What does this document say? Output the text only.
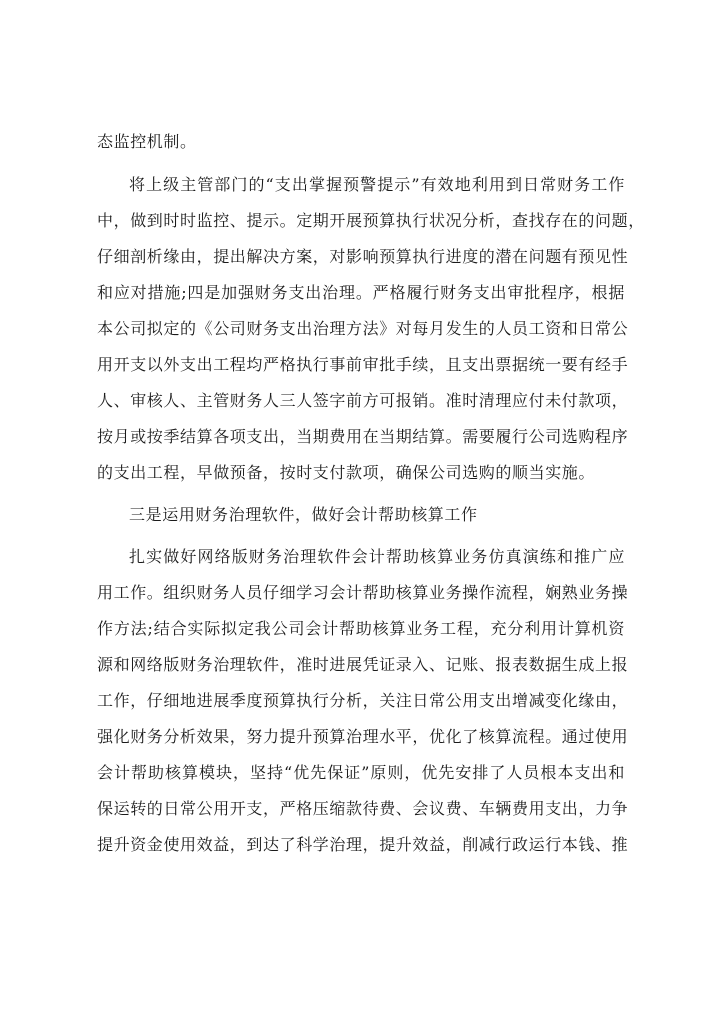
态监控机制。
将上级主管部门的“支出掌握预警提示”有效地利用到日常财务工作
中，做到时时监控、提示。定期开展预算执行状况分析，查找存在的问题，
仔细剖析缘由，提出解决方案，对影响预算执行进度的潜在问题有预见性
和应对措施;四是加强财务支出治理。严格履行财务支出审批程序，根据
本公司拟定的《公司财务支出治理方法》对每月发生的人员工资和日常公
用开支以外支出工程均严格执行事前审批手续，且支出票据统一要有经手
人、审核人、主管财务人三人签字前方可报销。准时清理应付未付款项，
按月或按季结算各项支出，当期费用在当期结算。需要履行公司选购程序
的支出工程，早做预备，按时支付款项，确保公司选购的顺当实施。
三是运用财务治理软件，做好会计帮助核算工作
扎实做好网络版财务治理软件会计帮助核算业务仿真演练和推广应
用工作。组织财务人员仔细学习会计帮助核算业务操作流程，娴熟业务操
作方法;结合实际拟定我公司会计帮助核算业务工程，充分利用计算机资
源和网络版财务治理软件，准时进展凭证录入、记账、报表数据生成上报
工作，仔细地进展季度预算执行分析，关注日常公用支出增减变化缘由，
强化财务分析效果，努力提升预算治理水平，优化了核算流程。通过使用
会计帮助核算模块，坚持“优先保证”原则，优先安排了人员根本支出和
保运转的日常公用开支，严格压缩款待费、会议费、车辆费用支出，力争
提升资金使用效益，到达了科学治理，提升效益，削减行政运行本钱、推
